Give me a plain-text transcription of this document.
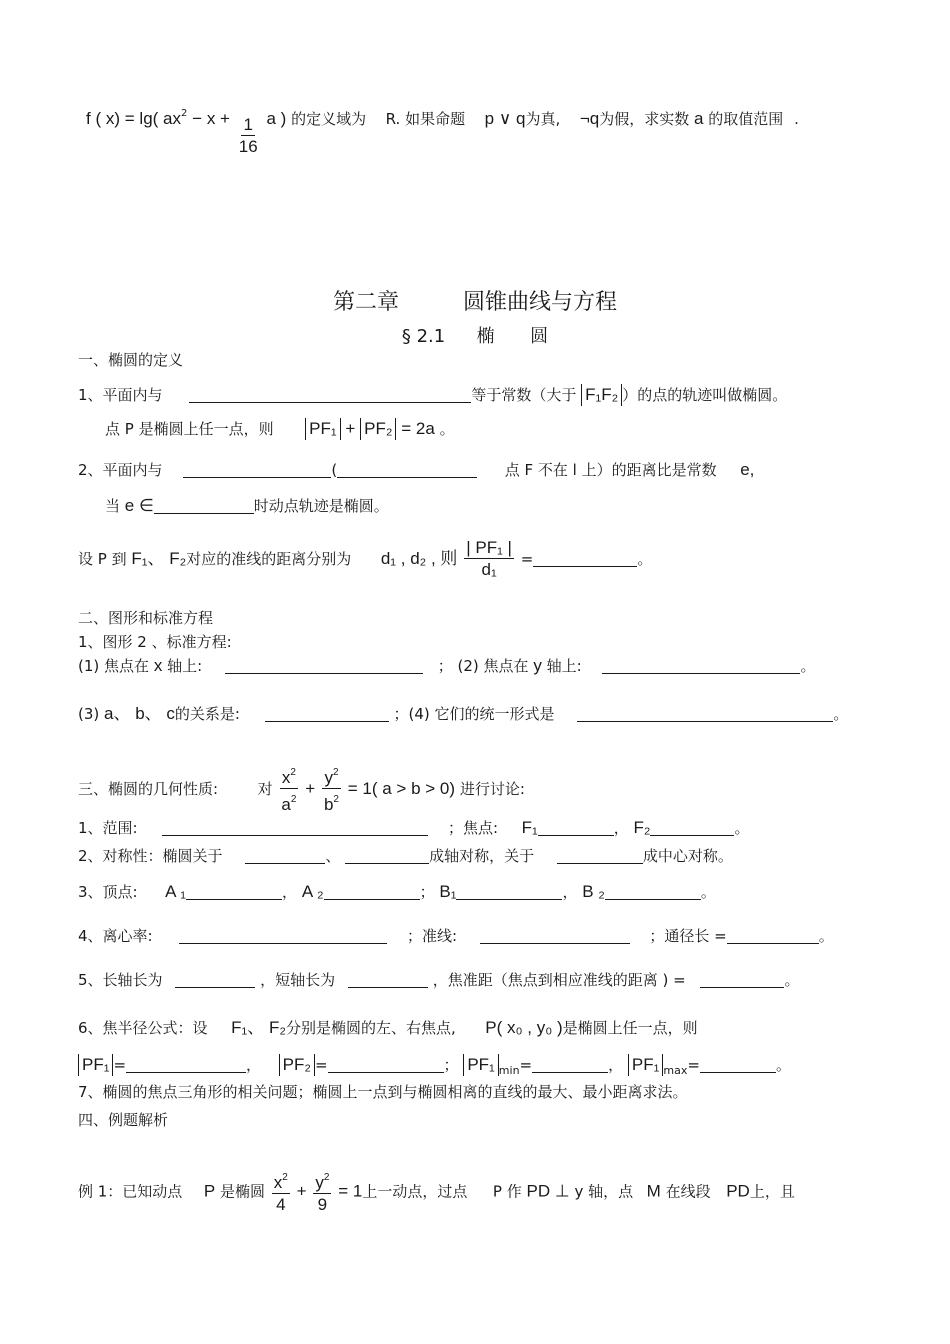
f ( x) = lg( $ax^2 - x + \frac{1}{16}$ a ) 的定义域为 R. 如果命题 p ∨ q为真, ¬q为假，求实数 a 的取值范围 .
第二章	圆锥曲线与方程
§ 2.1 椭 圆
一、椭圆的定义
1、平面内与	等于常数（大于 F₁F₂ ）的点的轨迹叫做椭圆。
点 P 是椭圆上任一点，则 PF₁ + PF₂ = 2a 。
2、平面内与	(	点 F 不在 l 上）的距离比是常数 e,
当 e ∈	时动点轨迹是椭圆。
设 P 到 F₁、 F₂对应的准线的距离分别为 d₁ , d₂ , 则 $\frac{\text{| PF₁ |}}{\text{d₁}}$ =	。
二、图形和标准方程
1、图形 2 、标准方程:
(1) 焦点在 x 轴上:	； (2) 焦点在 y 轴上:	。
(3) a、 b、 c的关系是:	；(4) 它们的统一形式是	。
三、椭圆的几何性质:	对 $\frac{x^2}{a^2} + \frac{y^2}{b^2} = 1$( a > b > 0) 进行讨论:
1、范围:	；焦点: F₁	， F₂	。
2、对称性：椭圆关于	、	成轴对称，关于	成中心对称。
3、顶点: A ₁	， A ₂	； B₁	， B ₂	。
4、离心率:	；准线:	；通径长 =	。
5、长轴长为	，短轴长为	，焦准距（焦点到相应准线的距离 ) =	。
6、焦半径公式：设 F₁、 F₂分别是椭圆的左、右焦点, P( x₀ , y₀ )是椭圆上任一点，则
PF₁ =	， PF₂ =	； PF₁ $_{min}$=	， PF₁ $_{max}$=	。
7、椭圆的焦点三角形的相关问题；椭圆上一点到与椭圆相离的直线的最大、最小距离求法。
四、例题解析
例 1：已知动点 P 是椭圆 $\frac{x^2}{4} + \frac{y^2}{9} = 1$上一动点，过点 P 作 PD ⊥ y 轴，点 M 在线段 PD上，且
